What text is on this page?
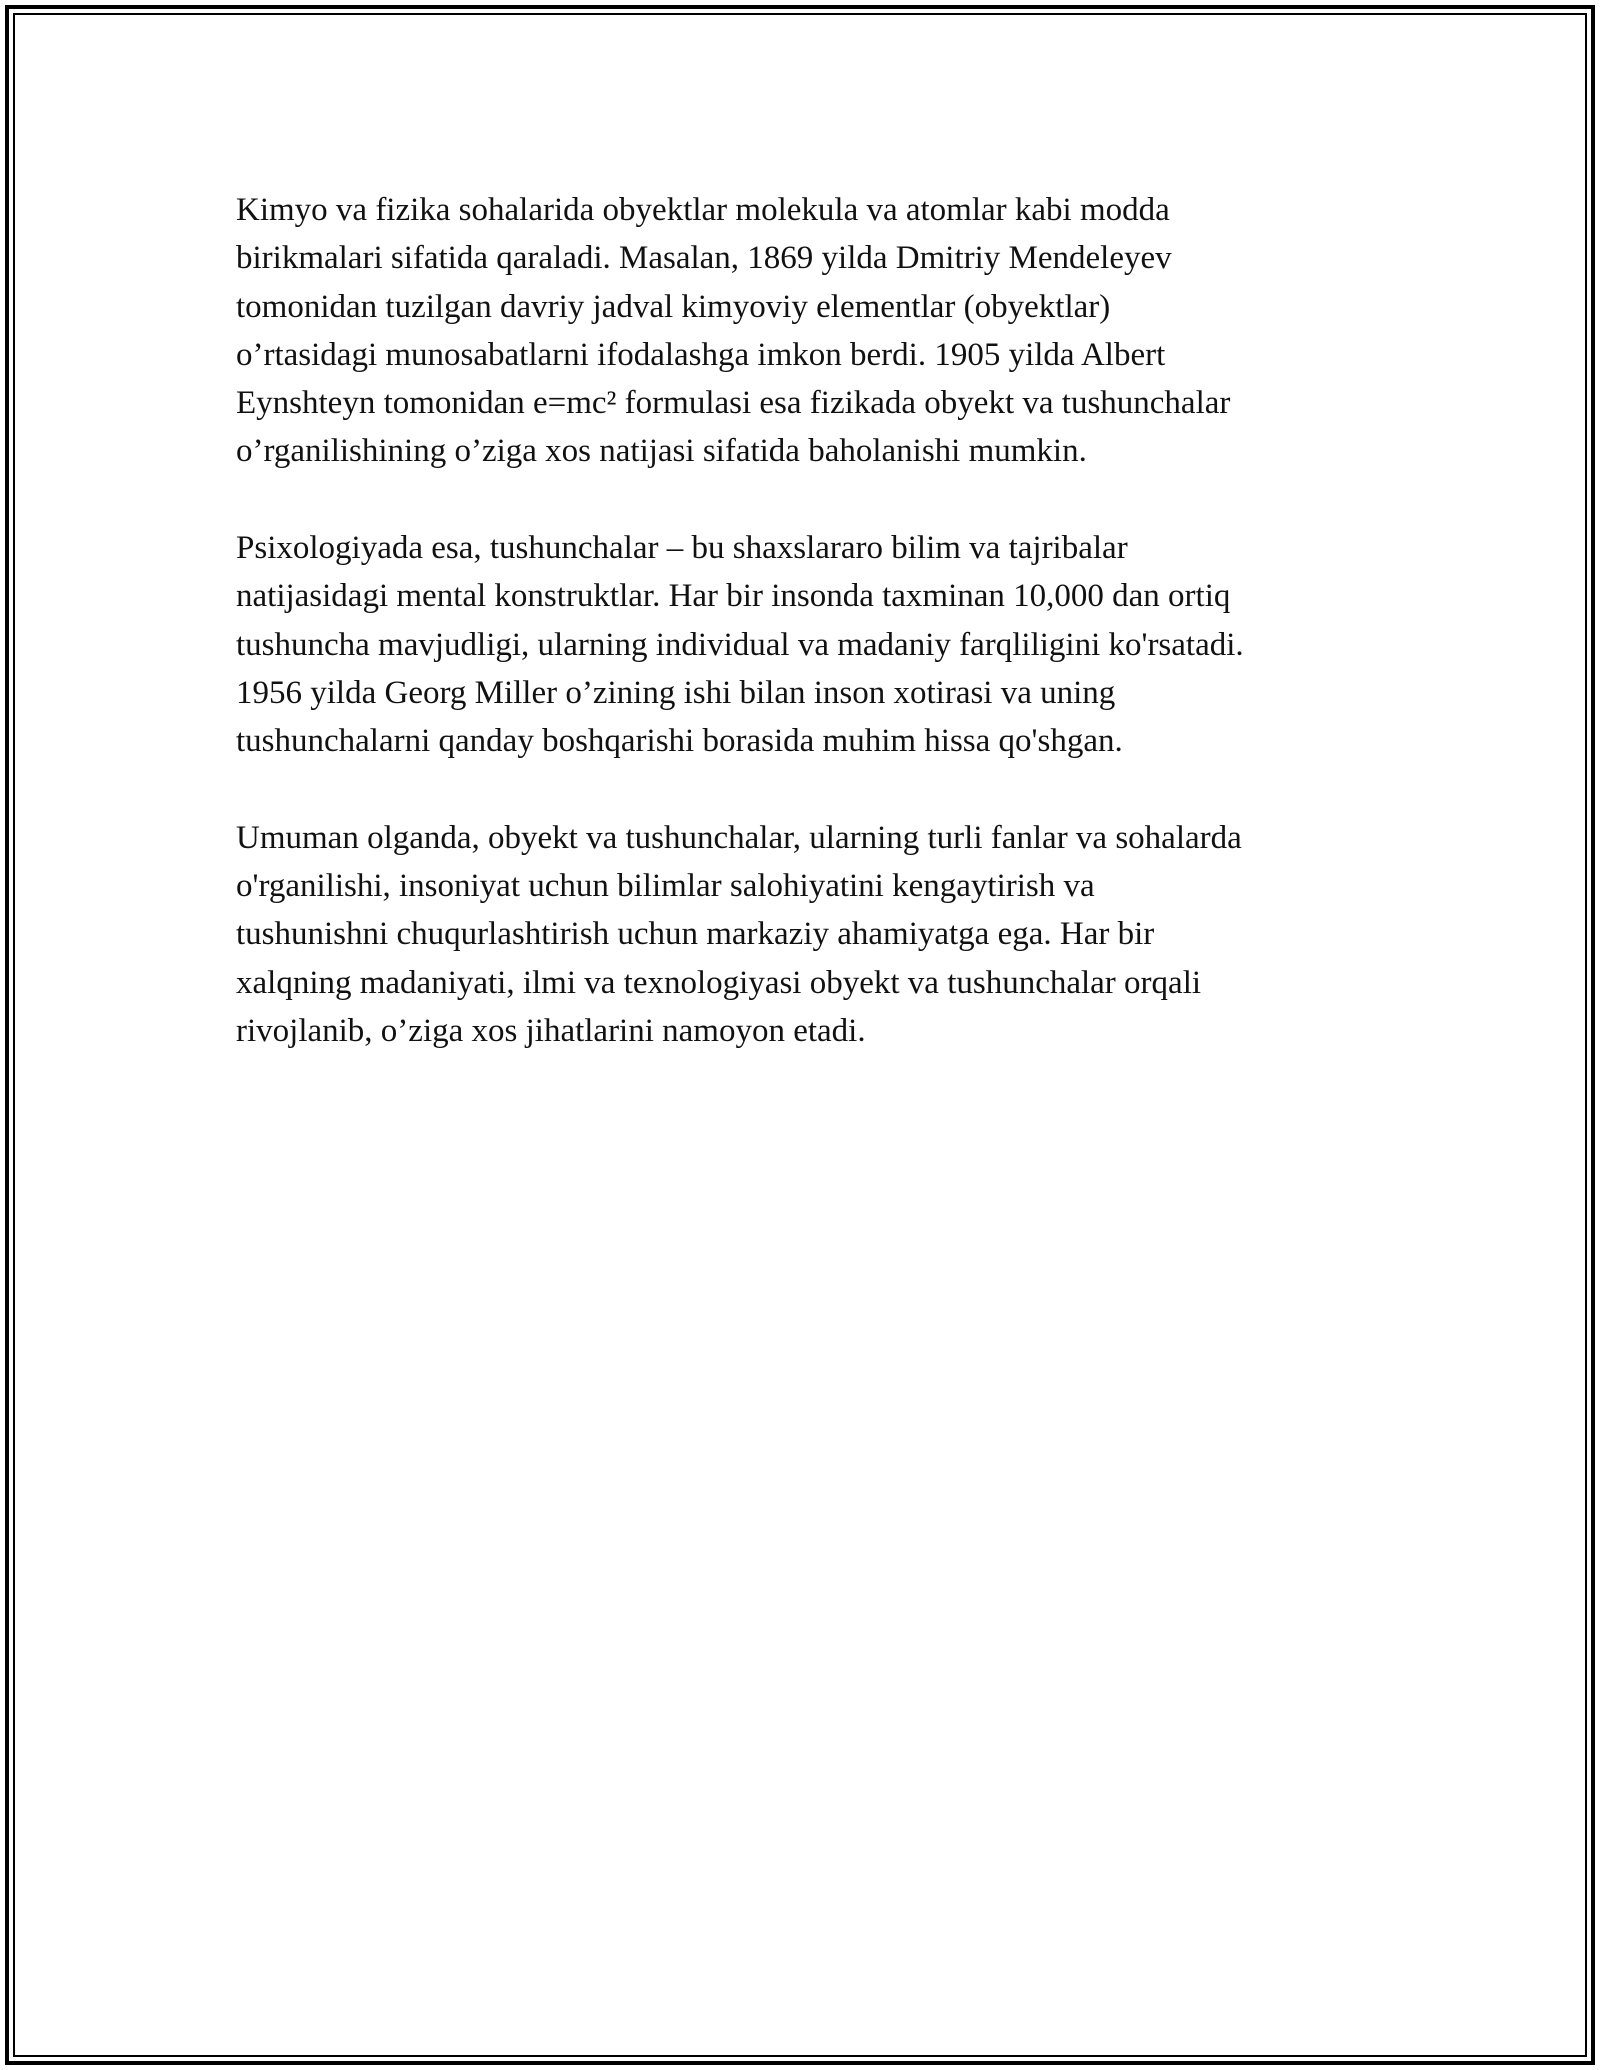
Kimyo va fizika sohalarida obyektlar molekula va atomlar kabi modda
birikmalari sifatida qaraladi. Masalan, 1869 yilda Dmitriy Mendeleyev
tomonidan tuzilgan davriy jadval kimyoviy elementlar (obyektlar)
o’rtasidagi munosabatlarni ifodalashga imkon berdi. 1905 yilda Albert
Eynshteyn tomonidan e=mc² formulasi esa fizikada obyekt va tushunchalar
o’rganilishining o’ziga xos natijasi sifatida baholanishi mumkin.

Psixologiyada esa, tushunchalar – bu shaxslararo bilim va tajribalar
natijasidagi mental konstruktlar. Har bir insonda taxminan 10,000 dan ortiq
tushuncha mavjudligi, ularning individual va madaniy farqliligini ko'rsatadi.
1956 yilda Georg Miller o’zining ishi bilan inson xotirasi va uning
tushunchalarni qanday boshqarishi borasida muhim hissa qo'shgan.

Umuman olganda, obyekt va tushunchalar, ularning turli fanlar va sohalarda
o'rganilishi, insoniyat uchun bilimlar salohiyatini kengaytirish va
tushunishni chuqurlashtirish uchun markaziy ahamiyatga ega. Har bir
xalqning madaniyati, ilmi va texnologiyasi obyekt va tushunchalar orqali
rivojlanib, o’ziga xos jihatlarini namoyon etadi.
